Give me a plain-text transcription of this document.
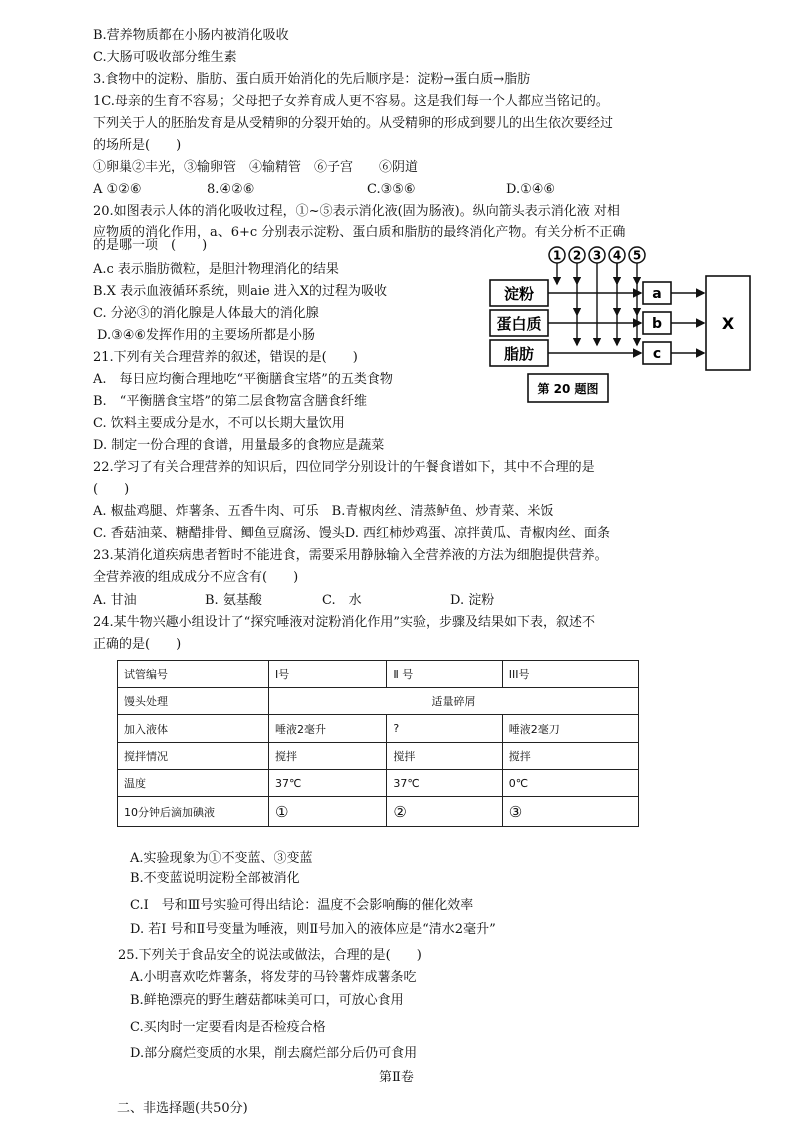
B.营养物质都在小肠内被消化吸收
C.大肠可吸收部分维生素
3.食物中的淀粉、脂肪、蛋白质开始消化的先后顺序是：淀粉→蛋白质→脂肪
1C.母亲的生育不容易；父母把子女养育成人更不容易。这是我们每一个人都应当铭记的。
下列关于人的胚胎发育是从受精卵的分裂开始的。从受精卵的形成到婴儿的出生依次要经过
的场所是(　　)
①卵巢②丰光，③输卵管　④输精管　⑥子宫　　⑥阴道
A ①②⑥	8.④②⑥	C.③⑤⑥	D.①④⑥
20.如图表示人体的消化吸收过程，①~⑤表示消化液(固为肠液)。纵向箭头表示消化液 对相
应物质的消化作用，a、6+c 分别表示淀粉、蛋白质和脂肪的最终消化产物。有关分析不正确
的是哪一项　(　　)
A.c 表示脂肪微粒，是胆汁物理消化的结果
B.X 表示血液循环系统，则aie 进入X的过程为吸收
C. 分泌③的消化腺是人体最大的消化腺
D.③④⑥发挥作用的主要场所都是小肠
21.下列有关合理营养的叙述，错误的是(　　)
A.　每日应均衡合理地吃“平衡膳食宝塔”的五类食物
B.　“平衡膳食宝塔”的第二层食物富含膳食纤维
C. 饮料主要成分是水，不可以长期大量饮用
D. 制定一份合理的食谱，用量最多的食物应是蔬菜
22.学习了有关合理营养的知识后，四位同学分别设计的午餐食谱如下，其中不合理的是
(　　)
A. 椒盐鸡腿、炸薯条、五香牛肉、可乐　B.青椒肉丝、清蒸鲈鱼、炒青菜、米饭
C. 香菇油菜、糖醋排骨、鲫鱼豆腐汤、馒头D. 西红柿炒鸡蛋、凉拌黄瓜、青椒肉丝、面条
23.某消化道疾病患者暂时不能进食，需要采用静脉输入全营养液的方法为细胞提供营养。
全营养液的组成成分不应含有(　　)
A. 甘油	B. 氨基酸	C.　水	D. 淀粉
24.某牛物兴趣小组设计了“探究唾液对淀粉消化作用”实验，步骤及结果如下表，叙述不
正确的是(　　)
试管编号	I号	Ⅱ 号	III号
馒头处理	适量碎屑		
加入液体	唾液2毫升	?	唾液2毫刀
搅拌情况	搅拌	搅拌	搅拌
温度	37℃	37℃	0℃
10分钟后滴加碘液	①	②	③
A.实验现象为①不变蓝、③变蓝
B.不变蓝说明淀粉全部被消化
C.Ⅰ　号和Ⅲ号实验可得出结论：温度不会影响酶的催化效率
D. 若Ⅰ 号和Ⅱ号变量为唾液，则Ⅱ号加入的液体应是“清水2毫升”
25.下列关于食品安全的说法或做法，合理的是(　　)
A.小明喜欢吃炸薯条，将发芽的马铃薯炸成薯条吃
B.鲜艳漂亮的野生蘑菇都味美可口，可放心食用
C.买肉时一定要看肉是否检疫合格
D.部分腐烂变质的水果，削去腐烂部分后仍可食用
第Ⅱ卷
二、非选择题(共50分)
1 2 3 4 5
淀粉
蛋白质
脂肪
a
b
c
X
第 20 题图
